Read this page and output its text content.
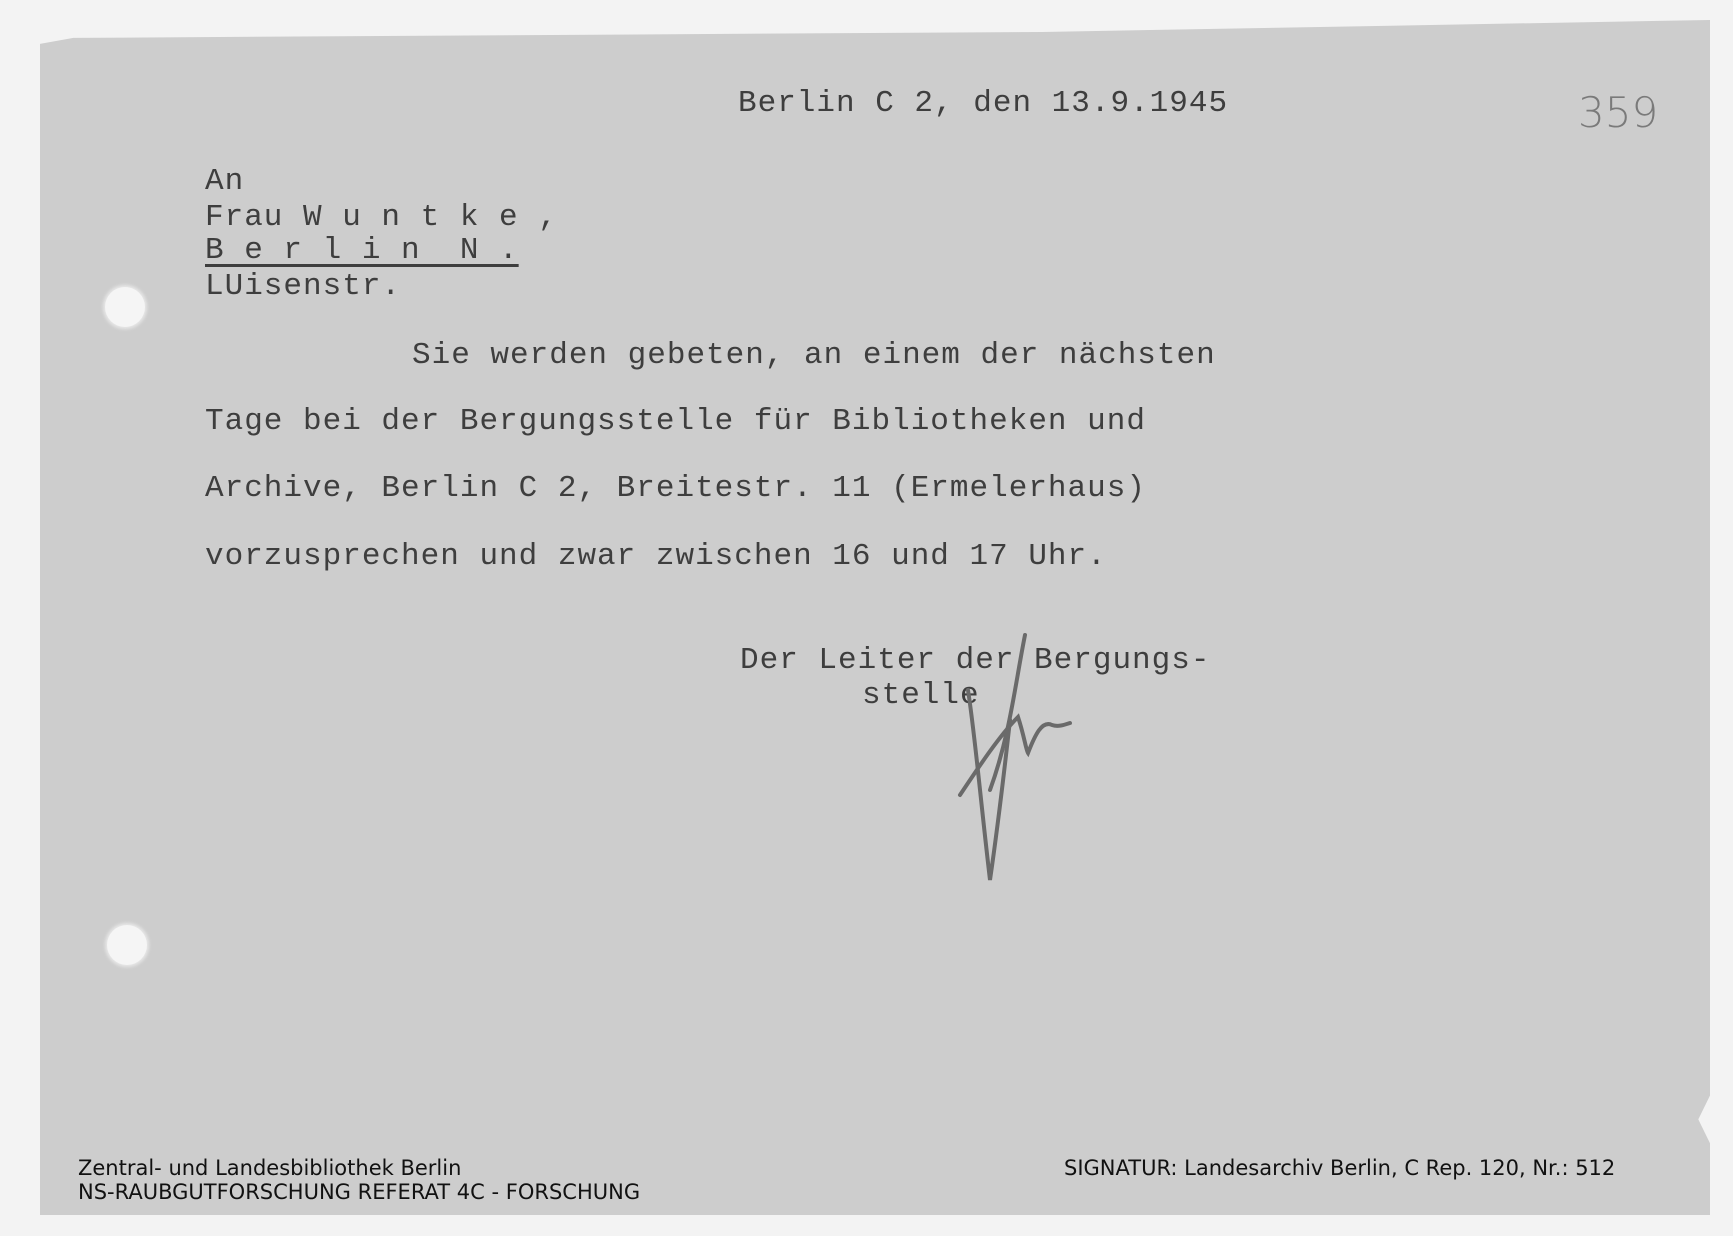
359
Berlin C 2, den 13.9.1945
An
Frau W u n t k e ,
B e r l i n  N .
LUisenstr.
Sie werden gebeten, an einem der nächsten
Tage bei der Bergungsstelle für Bibliotheken und
Archive, Berlin C 2, Breitestr. 11 (Ermelerhaus)
vorzusprechen und zwar zwischen 16 und 17 Uhr.
Der Leiter der Bergungs-
stelle
Zentral- und Landesbibliothek Berlin
NS-RAUBGUTFORSCHUNG REFERAT 4C - FORSCHUNG
SIGNATUR: Landesarchiv Berlin, C Rep. 120, Nr.: 512
